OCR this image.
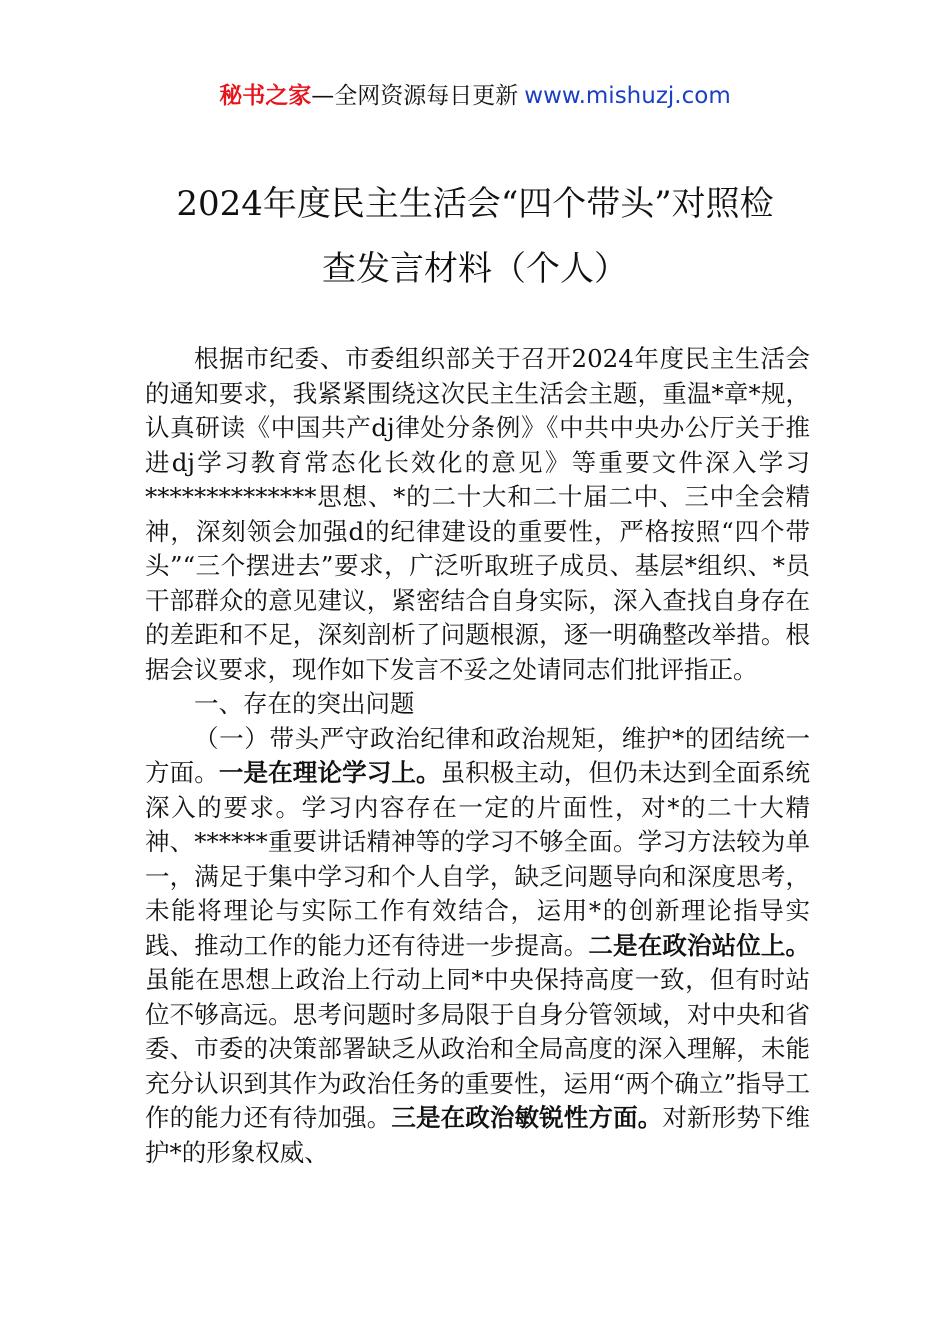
秘书之家—全网资源每日更新 www.mishuzj.com
2024年度民主生活会“四个带头”对照检
查发言材料（个人）

根据市纪委、市委组织部关于召开2024年度民主生活会的通知要求，我紧紧围绕这次民主生活会主题，重温*章*规，认真研读《中国共产dj律处分条例》《中共中央办公厅关于推进dj学习教育常态化长效化的意见》等重要文件深入学习**************思想、*的二十大和二十届二中、三中全会精神，深刻领会加强d的纪律建设的重要性，严格按照“四个带头”“三个摆进去”要求，广泛听取班子成员、基层*组织、*员干部群众的意见建议，紧密结合自身实际，深入查找自身存在的差距和不足，深刻剖析了问题根源，逐一明确整改举措。根据会议要求，现作如下发言不妥之处请同志们批评指正。

一、存在的突出问题

（一）带头严守政治纪律和政治规矩，维护*的团结统一方面。一是在理论学习上。虽积极主动，但仍未达到全面系统深入的要求。学习内容存在一定的片面性，对*的二十大精神、******重要讲话精神等的学习不够全面。学习方法较为单一，满足于集中学习和个人自学，缺乏问题导向和深度思考，未能将理论与实际工作有效结合，运用*的创新理论指导实践、推动工作的能力还有待进一步提高。二是在政治站位上。虽能在思想上政治上行动上同*中央保持高度一致，但有时站位不够高远。思考问题时多局限于自身分管领域，对中央和省委、市委的决策部署缺乏从政治和全局高度的深入理解，未能充分认识到其作为政治任务的重要性，运用“两个确立”指导工作的能力还有待加强。三是在政治敏锐性方面。对新形势下维护*的形象权威、
